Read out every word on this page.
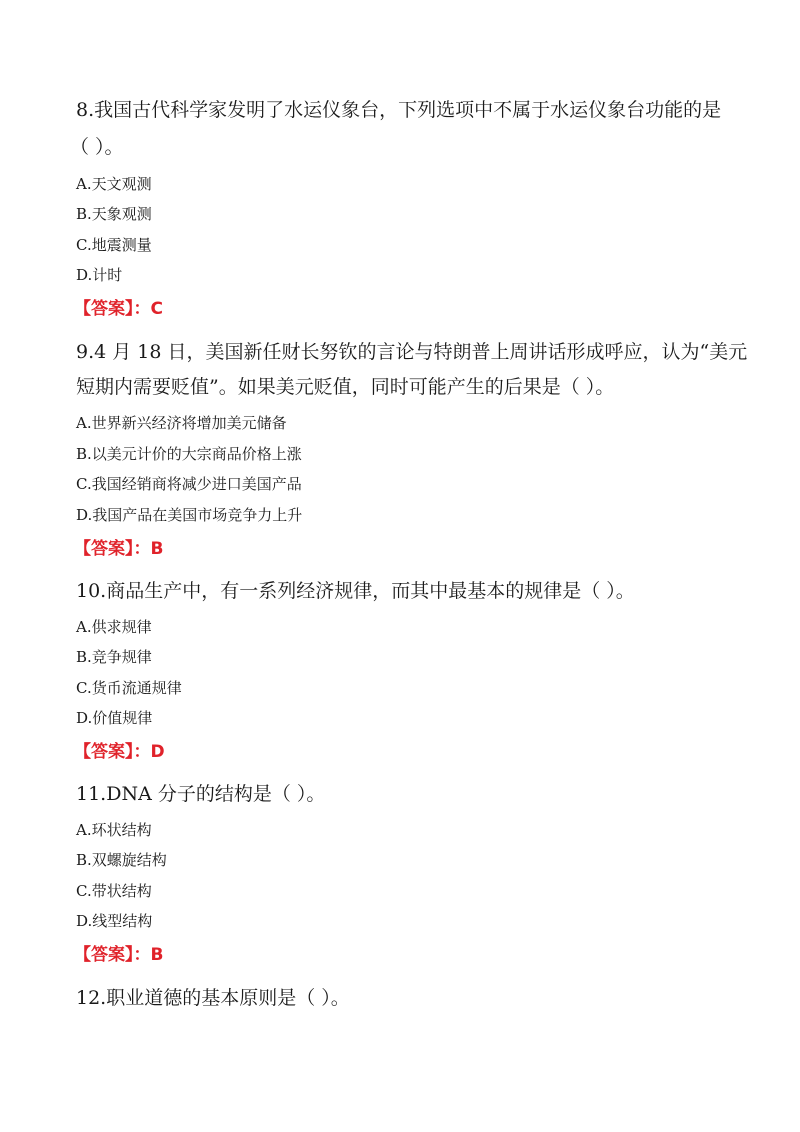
8.我国古代科学家发明了水运仪象台，下列选项中不属于水运仪象台功能的是
（ ）。
A.天文观测
B.天象观测
C.地震测量
D.计时
【答案】：C
9.4 月 18 日，美国新任财长努钦的言论与特朗普上周讲话形成呼应，认为“美元
短期内需要贬值”。如果美元贬值，同时可能产生的后果是（ ）。
A.世界新兴经济将增加美元储备
B.以美元计价的大宗商品价格上涨
C.我国经销商将减少进口美国产品
D.我国产品在美国市场竞争力上升
【答案】：B
10.商品生产中，有一系列经济规律，而其中最基本的规律是（ ）。
A.供求规律
B.竞争规律
C.货币流通规律
D.价值规律
【答案】：D
11.DNA 分子的结构是（ ）。
A.环状结构
B.双螺旋结构
C.带状结构
D.线型结构
【答案】：B
12.职业道德的基本原则是（ ）。
